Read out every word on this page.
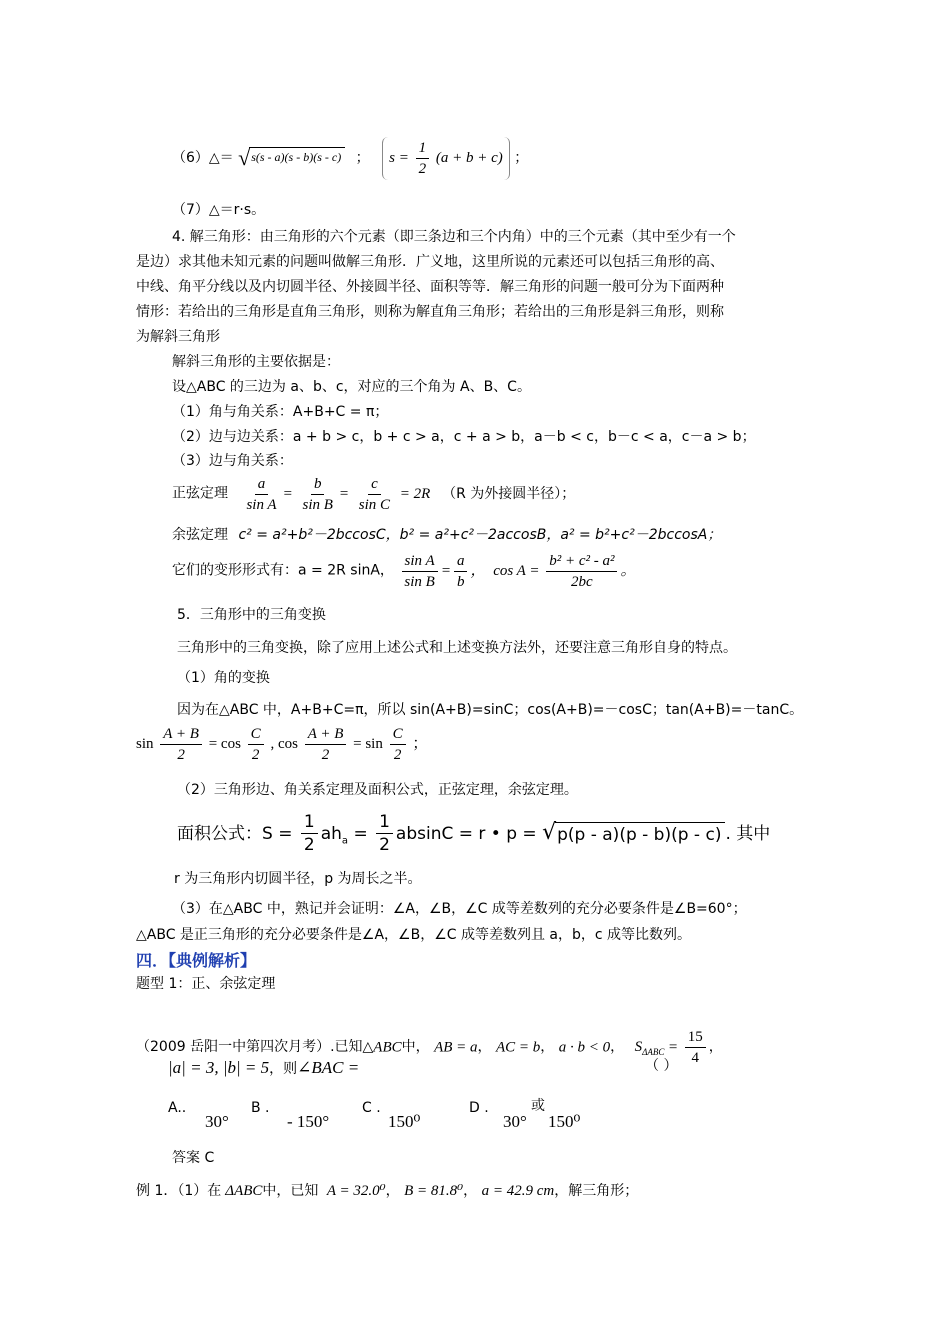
（6）△＝ √ s(s - a)(s - b)(s - c) ； $s = \frac{1}{2} (a + b + c)$ ；
（7）△＝r·s。
4. 解三角形：由三角形的六个元素（即三条边和三个内角）中的三个元素（其中至少有一个
是边）求其他未知元素的问题叫做解三角形．广义地，这里所说的元素还可以包括三角形的高、
中线、角平分线以及内切圆半径、外接圆半径、面积等等．解三角形的问题一般可分为下面两种
情形：若给出的三角形是直角三角形，则称为解直角三角形；若给出的三角形是斜三角形，则称
为解斜三角形
解斜三角形的主要依据是：
设△ABC 的三边为 a、b、c，对应的三个角为 A、B、C。
（1）角与角关系：A+B+C = π；
（2）边与边关系：a + b > c，b + c > a，c + a > b，a－b < c，b－c < a，c－a > b；
（3）边与角关系：
正弦定理 $\frac{a}{\text{sin A}} = \frac{b}{\text{sin B}} = \frac{c}{\text{sin C}} = 2R$ （R 为外接圆半径）；
余弦定理 c² = a²+b²－2bccosC，b² = a²+c²－2accosB，a² = b²+c²－2bccosA；
它们的变形形式有：a = 2R sinA， $\frac{\text{sin A}}{\text{sin B}} = \frac{a}{b}$ ， $\cos A = \frac{\text{b² + c² - a²}}{2bc}$ 。
5．三角形中的三角变换
三角形中的三角变换，除了应用上述公式和上述变换方法外，还要注意三角形自身的特点。
（1）角的变换
因为在△ABC 中，A+B+C=π，所以 sin(A+B)=sinC；cos(A+B)=－cosC；tan(A+B)=－tanC。
$\sin \frac{A + B}{2} = \cos \frac{C}{2}$ , $\cos \frac{A + B}{2} = \sin \frac{C}{2}$ ；
（2）三角形边、角关系定理及面积公式，正弦定理，余弦定理。
面积公式：$S = \frac{1}{2} ah_a = \frac{1}{2}$ absinC = r • p = √ p(p - a)(p - b)(p - c) . 其中
r 为三角形内切圆半径，p 为周长之半。
（3）在△ABC 中，熟记并会证明：∠A，∠B，∠C 成等差数列的充分必要条件是∠B=60°；
△ABC 是正三角形的充分必要条件是∠A，∠B，∠C 成等差数列且 a，b，c 成等比数列。
四．【典例解析】
题型 1：正、余弦定理
（2009 岳阳一中第四次月考）.已知△ABC中， AB = a， AC = b， a · b < 0， $S_{\Delta ABC} = \frac{15}{4}$ ，
|a| = 3, |b| = 5，则∠BAC =	（ ）
A..
30°
B .
- 150°
C .
150⁰
D .
30°
或
150⁰
答案 C
例 1．（1）在 ΔABC中，已知 A = 32.0⁰， B = 81.8⁰， a = 42.9 cm，解三角形；
